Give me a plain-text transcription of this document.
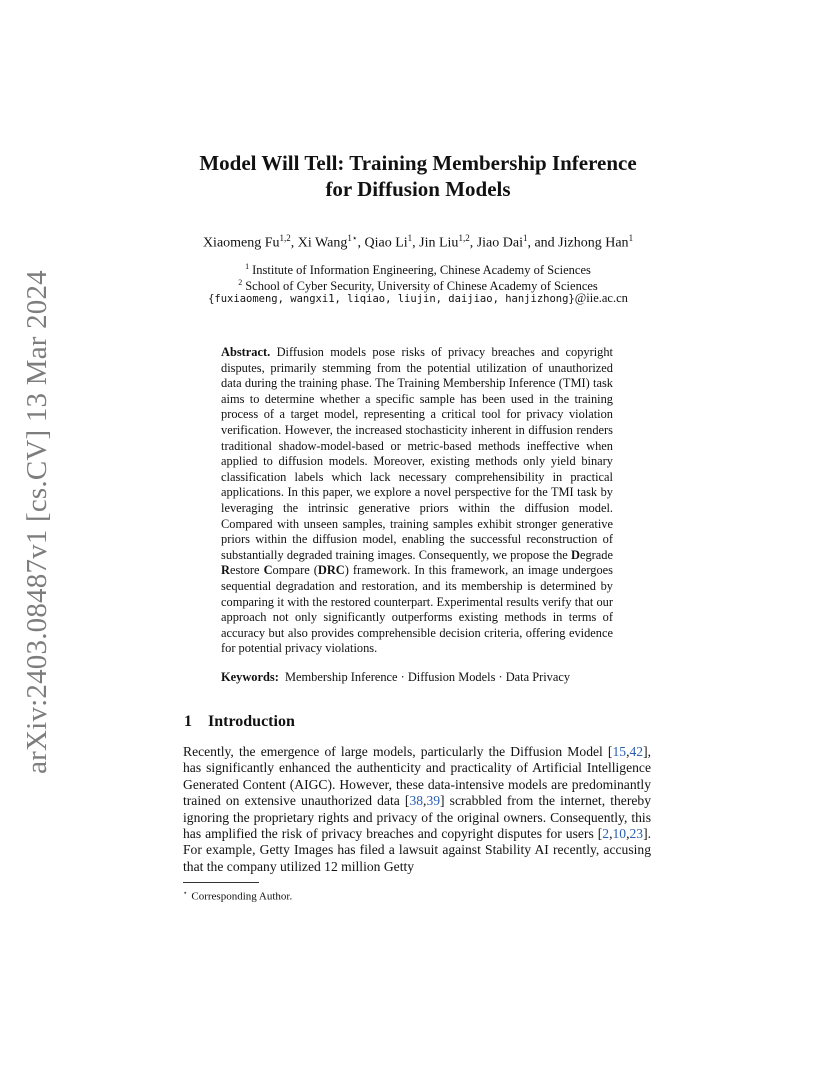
arXiv:2403.08487v1 [cs.CV] 13 Mar 2024
Model Will Tell: Training Membership Inference
for Diffusion Models
Xiaomeng Fu$^{1,2}$, Xi Wang$^{1⋆}$, Qiao Li$^1$, Jin Liu$^{1,2}$, Jiao Dai$^1$, and Jizhong Han$^1$
$^1$ Institute of Information Engineering, Chinese Academy of Sciences
$^2$ School of Cyber Security, University of Chinese Academy of Sciences
{fuxiaomeng, wangxi1, liqiao, liujin, daijiao, hanjizhong}@iie.ac.cn

Abstract. Diffusion models pose risks of privacy breaches and copyright disputes, primarily stemming from the potential utilization of unauthorized data during the training phase. The Training Membership Inference (TMI) task aims to determine whether a specific sample has been used in the training process of a target model, representing a critical tool for privacy violation verification. However, the increased stochasticity inherent in diffusion renders traditional shadow-model-based or metric-based methods ineffective when applied to diffusion models. Moreover, existing methods only yield binary classification labels which lack necessary comprehensibility in practical applications. In this paper, we explore a novel perspective for the TMI task by leveraging the intrinsic generative priors within the diffusion model. Compared with unseen samples, training samples exhibit stronger generative priors within the diffusion model, enabling the successful reconstruction of substantially degraded training images. Consequently, we propose the Degrade Restore Compare (DRC) framework. In this framework, an image undergoes sequential degradation and restoration, and its membership is determined by comparing it with the restored counterpart. Experimental results verify that our approach not only significantly outperforms existing methods in terms of accuracy but also provides comprehensible decision criteria, offering evidence for potential privacy violations.

Keywords: Membership Inference · Diffusion Models · Data Privacy
1 Introduction

Recently, the emergence of large models, particularly the Diffusion Model [15,42], has significantly enhanced the authenticity and practicality of Artificial Intelligence Generated Content (AIGC). However, these data-intensive models are predominantly trained on extensive unauthorized data [38,39] scrabbled from the internet, thereby ignoring the proprietary rights and privacy of the original owners. Consequently, this has amplified the risk of privacy breaches and copyright disputes for users [2,10,23]. For example, Getty Images has filed a lawsuit against Stability AI recently, accusing that the company utilized 12 million Getty

⋆ Corresponding Author.
